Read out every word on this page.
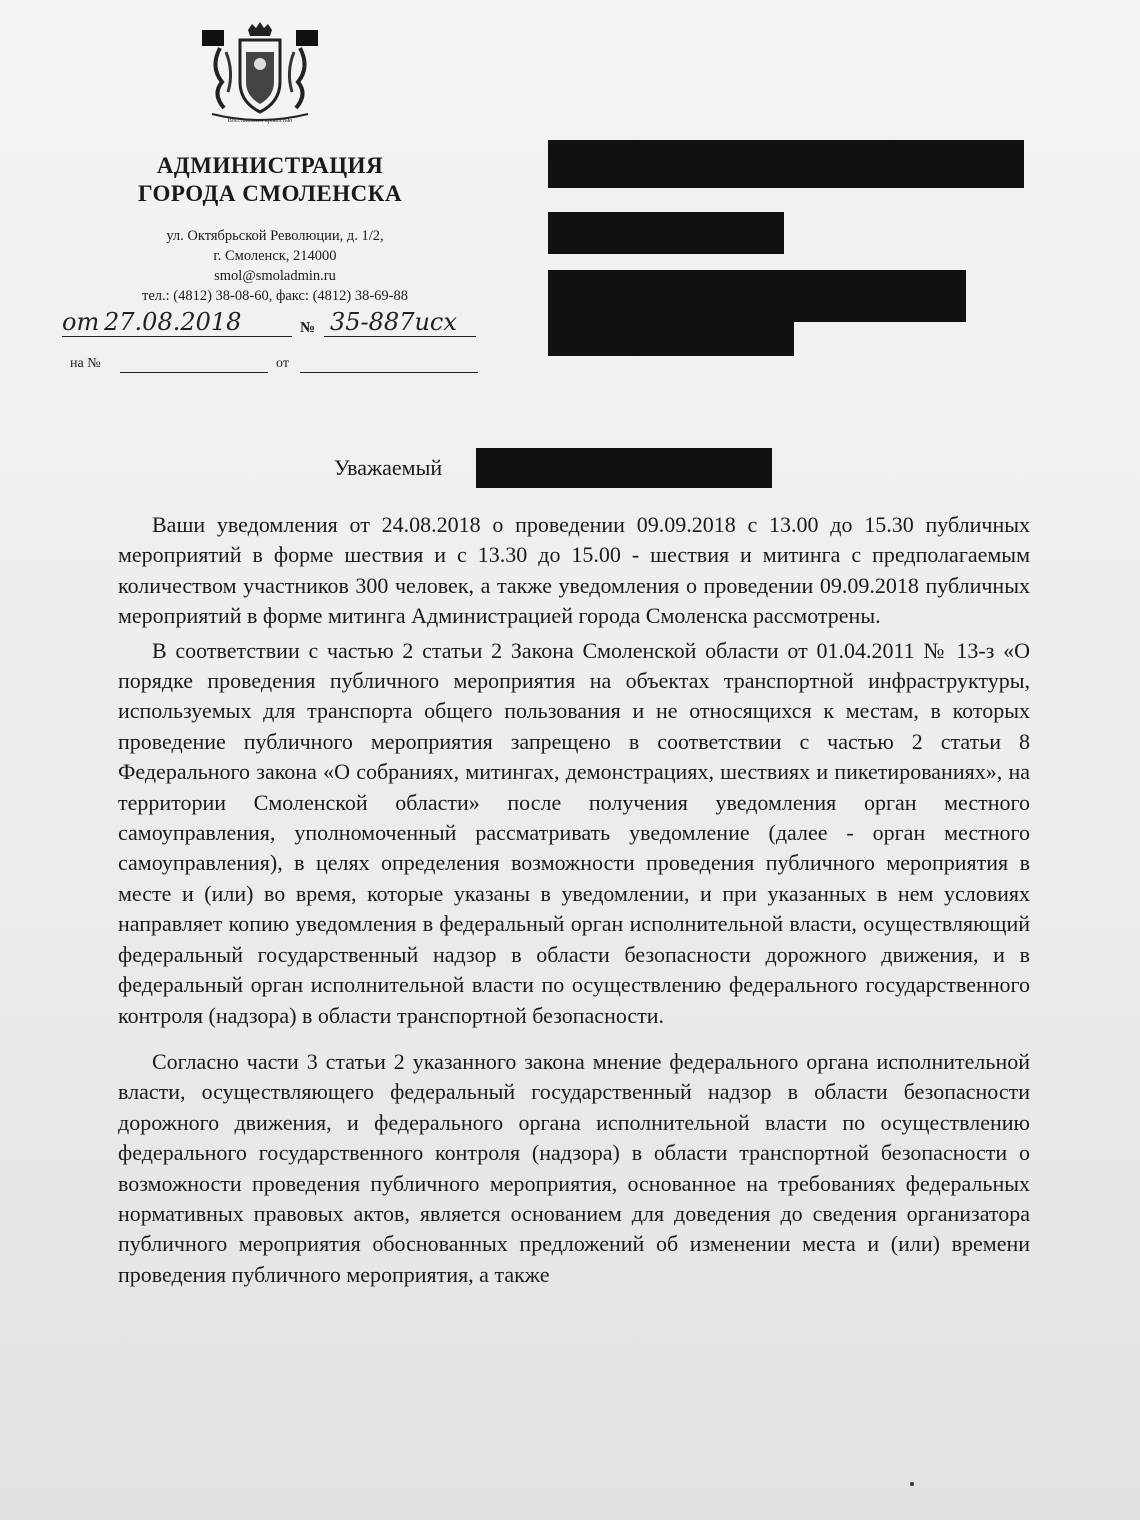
Восстановлен кровостью
АДМИНИСТРАЦИЯ
ГОРОДА СМОЛЕНСКА
ул. Октябрьской Революции, д. 1/2,
г. Смоленск, 214000
smol@smoladmin.ru
тел.: (4812) 38-08-60, факс: (4812) 38-69-88
от 27.08.2018	№ 35-887исх
на №	от
Уважаемый

Ваши уведомления от 24.08.2018 о проведении 09.09.2018 с 13.00 до 15.30 публичных мероприятий в форме шествия и с 13.30 до 15.00 - шествия и митинга с предполагаемым количеством участников 300 человек, а также уведомления о проведении 09.09.2018 публичных мероприятий в форме митинга Администрацией города Смоленска рассмотрены.

В соответствии с частью 2 статьи 2 Закона Смоленской области от 01.04.2011 № 13-з «О порядке проведения публичного мероприятия на объектах транспортной инфраструктуры, используемых для транспорта общего пользования и не относящихся к местам, в которых проведение публичного мероприятия запрещено в соответствии с частью 2 статьи 8 Федерального закона «О собраниях, митингах, демонстрациях, шествиях и пикетированиях», на территории Смоленской области» после получения уведомления орган местного самоуправления, уполномоченный рассматривать уведомление (далее - орган местного самоуправления), в целях определения возможности проведения публичного мероприятия в месте и (или) во время, которые указаны в уведомлении, и при указанных в нем условиях направляет копию уведомления в федеральный орган исполнительной власти, осуществляющий федеральный государственный надзор в области безопасности дорожного движения, и в федеральный орган исполнительной власти по осуществлению федерального государственного контроля (надзора) в области транспортной безопасности.

Согласно части 3 статьи 2 указанного закона мнение федерального органа исполнительной власти, осуществляющего федеральный государственный надзор в области безопасности дорожного движения, и федерального органа исполнительной власти по осуществлению федерального государственного контроля (надзора) в области транспортной безопасности о возможности проведения публичного мероприятия, основанное на требованиях федеральных нормативных правовых актов, является основанием для доведения до сведения организатора публичного мероприятия обоснованных предложений об изменении места и (или) времени проведения публичного мероприятия, а также
